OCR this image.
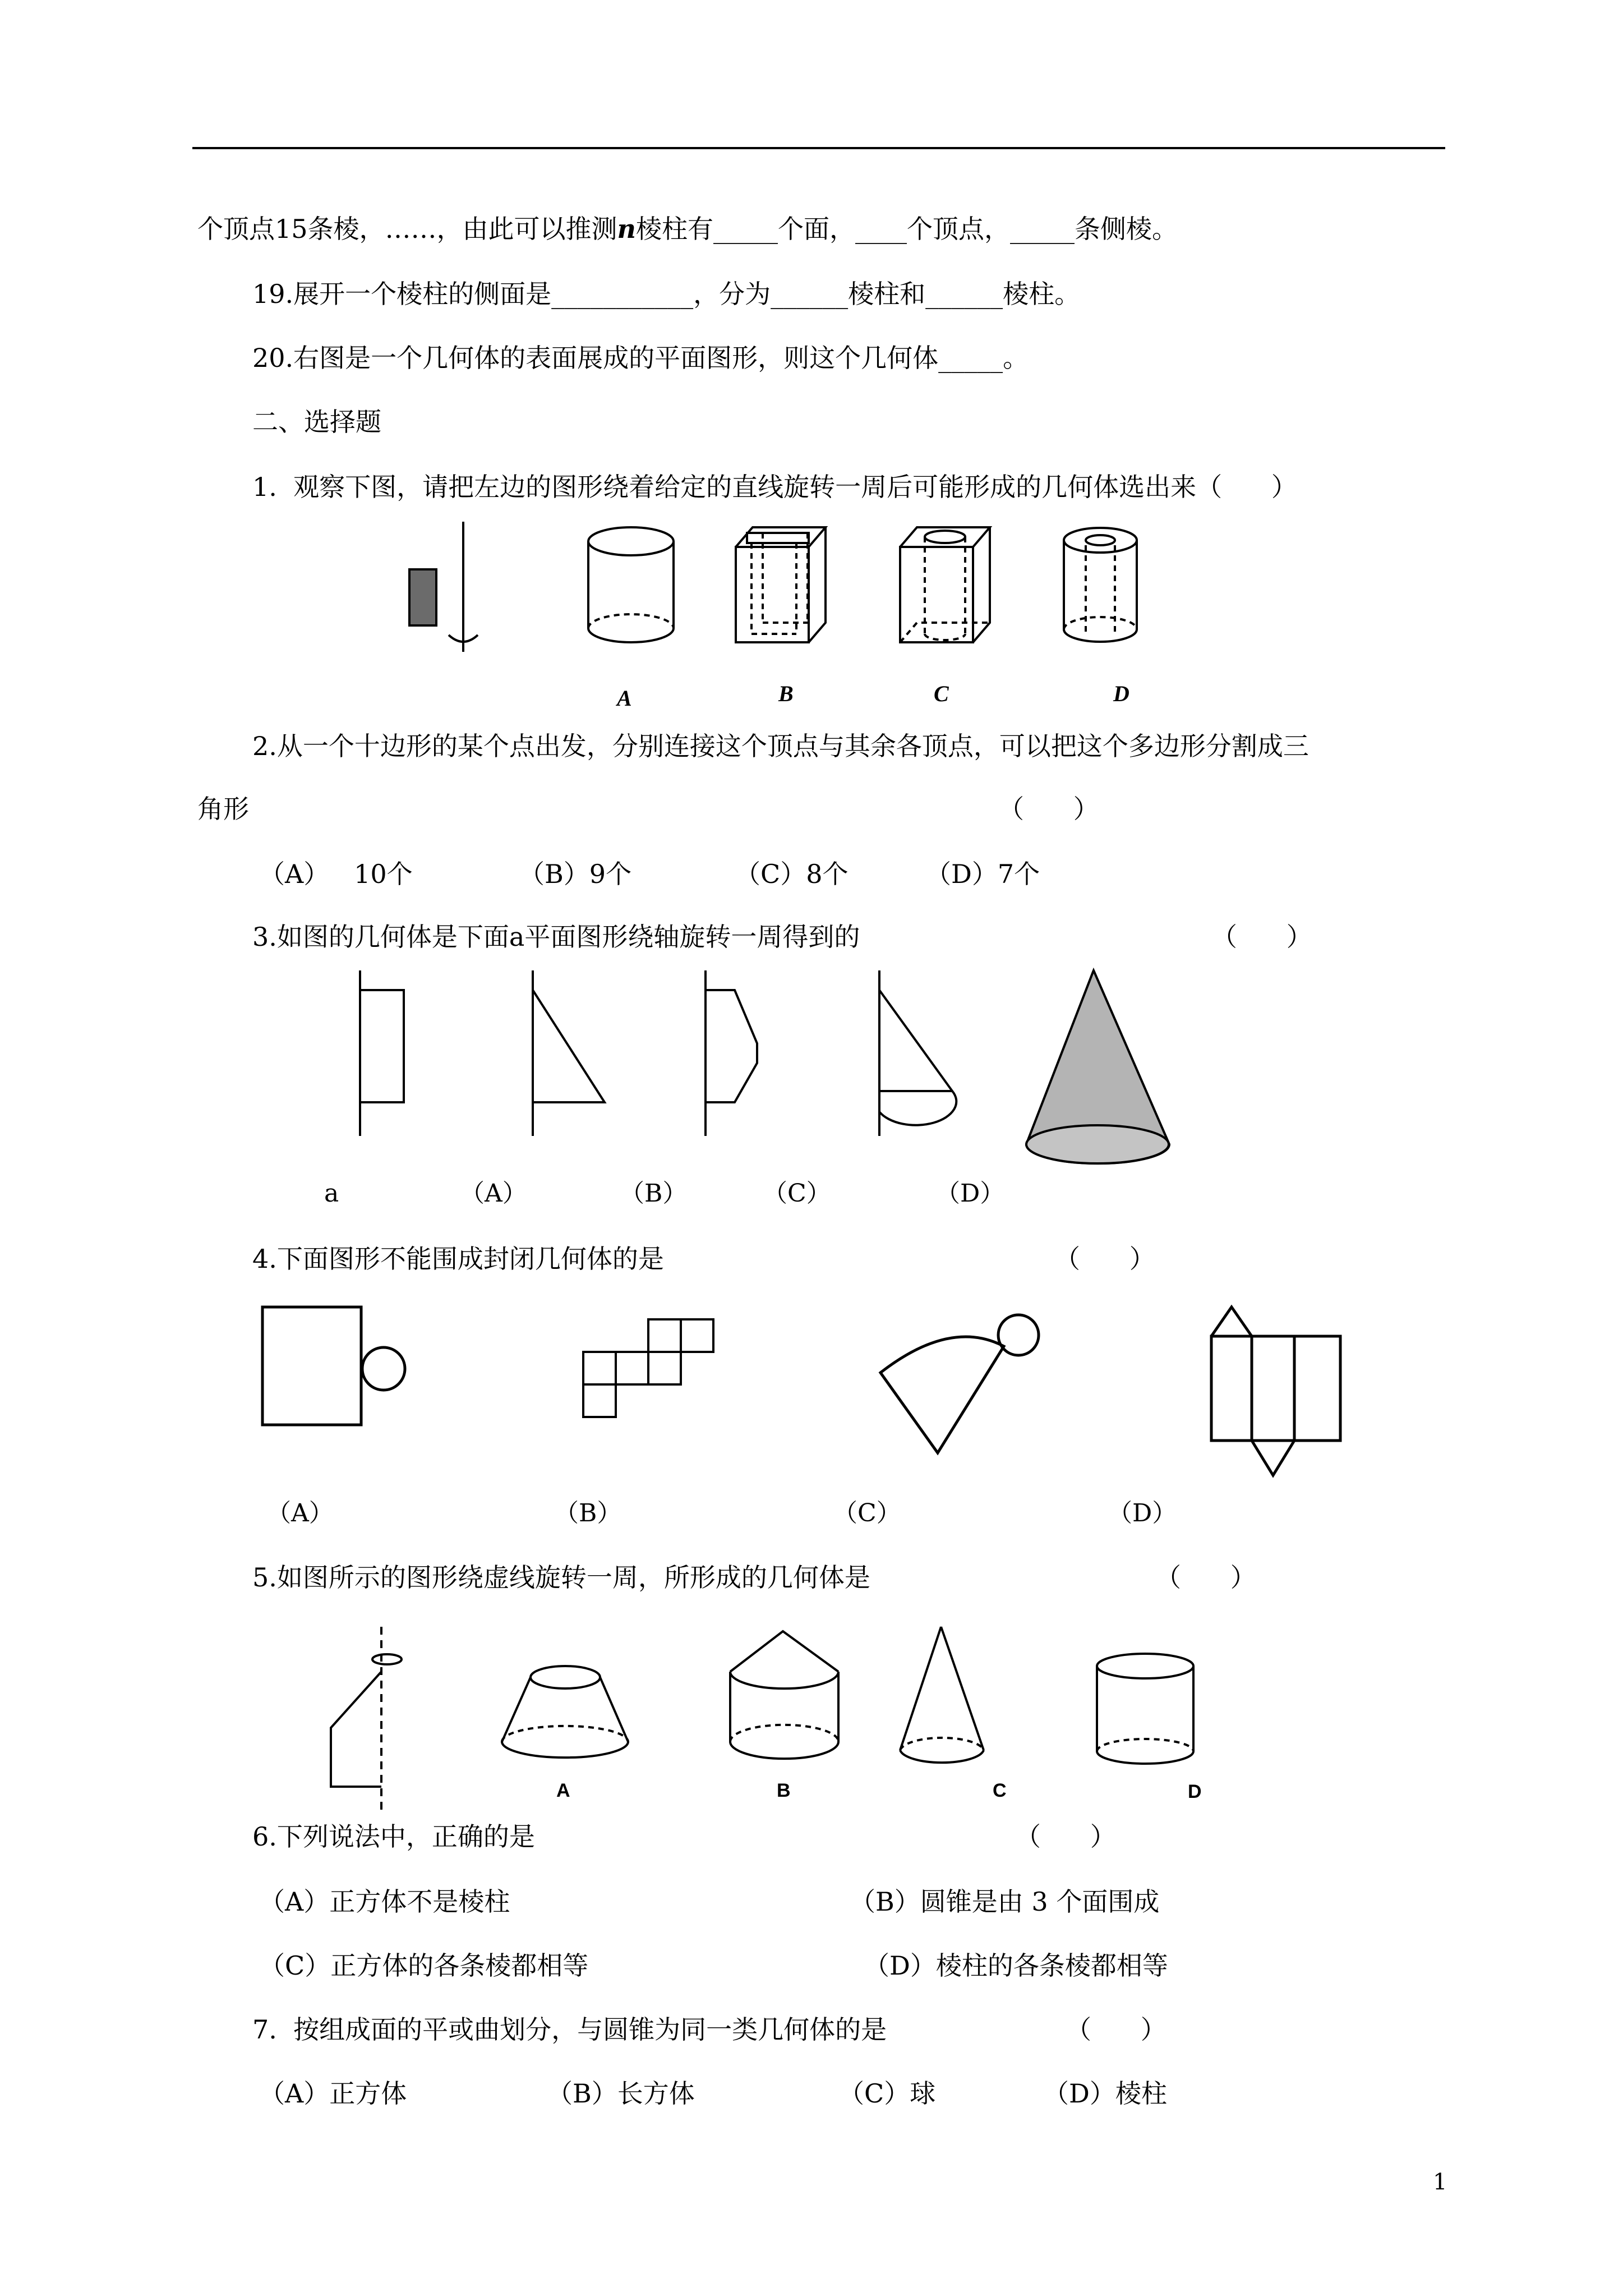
个顶点15条棱，……，由此可以推测n棱柱有_____个面，____个顶点，_____条侧棱。

19.展开一个棱柱的侧面是___________，分为______棱柱和______棱柱。

20.右图是一个几何体的表面展成的平面图形，则这个几何体_____。

二、选择题

1.  观察下图，请把左边的图形绕着给定的直线旋转一周后可能形成的几何体选出来（      ）

A	B	C	D

2.从一个十边形的某个点出发，分别连接这个顶点与其余各顶点，可以把这个多边形分割成三

角形	（      ）

（A）   10个	（B）9个	（C）8个	（D）7个

3.如图的几何体是下面a平面图形绕轴旋转一周得到的	（      ）

a	（A）	（B）	（C）	（D）

4.下面图形不能围成封闭几何体的是	（      ）

（A）	（B）	（C）	（D）

5.如图所示的图形绕虚线旋转一周，所形成的几何体是	（      ）

A	B	C	D

6.下列说法中，正确的是	（      ）

（A）正方体不是棱柱	（B）圆锥是由 3 个面围成

（C）正方体的各条棱都相等	（D）棱柱的各条棱都相等

7.  按组成面的平或曲划分，与圆锥为同一类几何体的是	（      ）

（A）正方体	（B）长方体	（C）球	（D）棱柱

1
